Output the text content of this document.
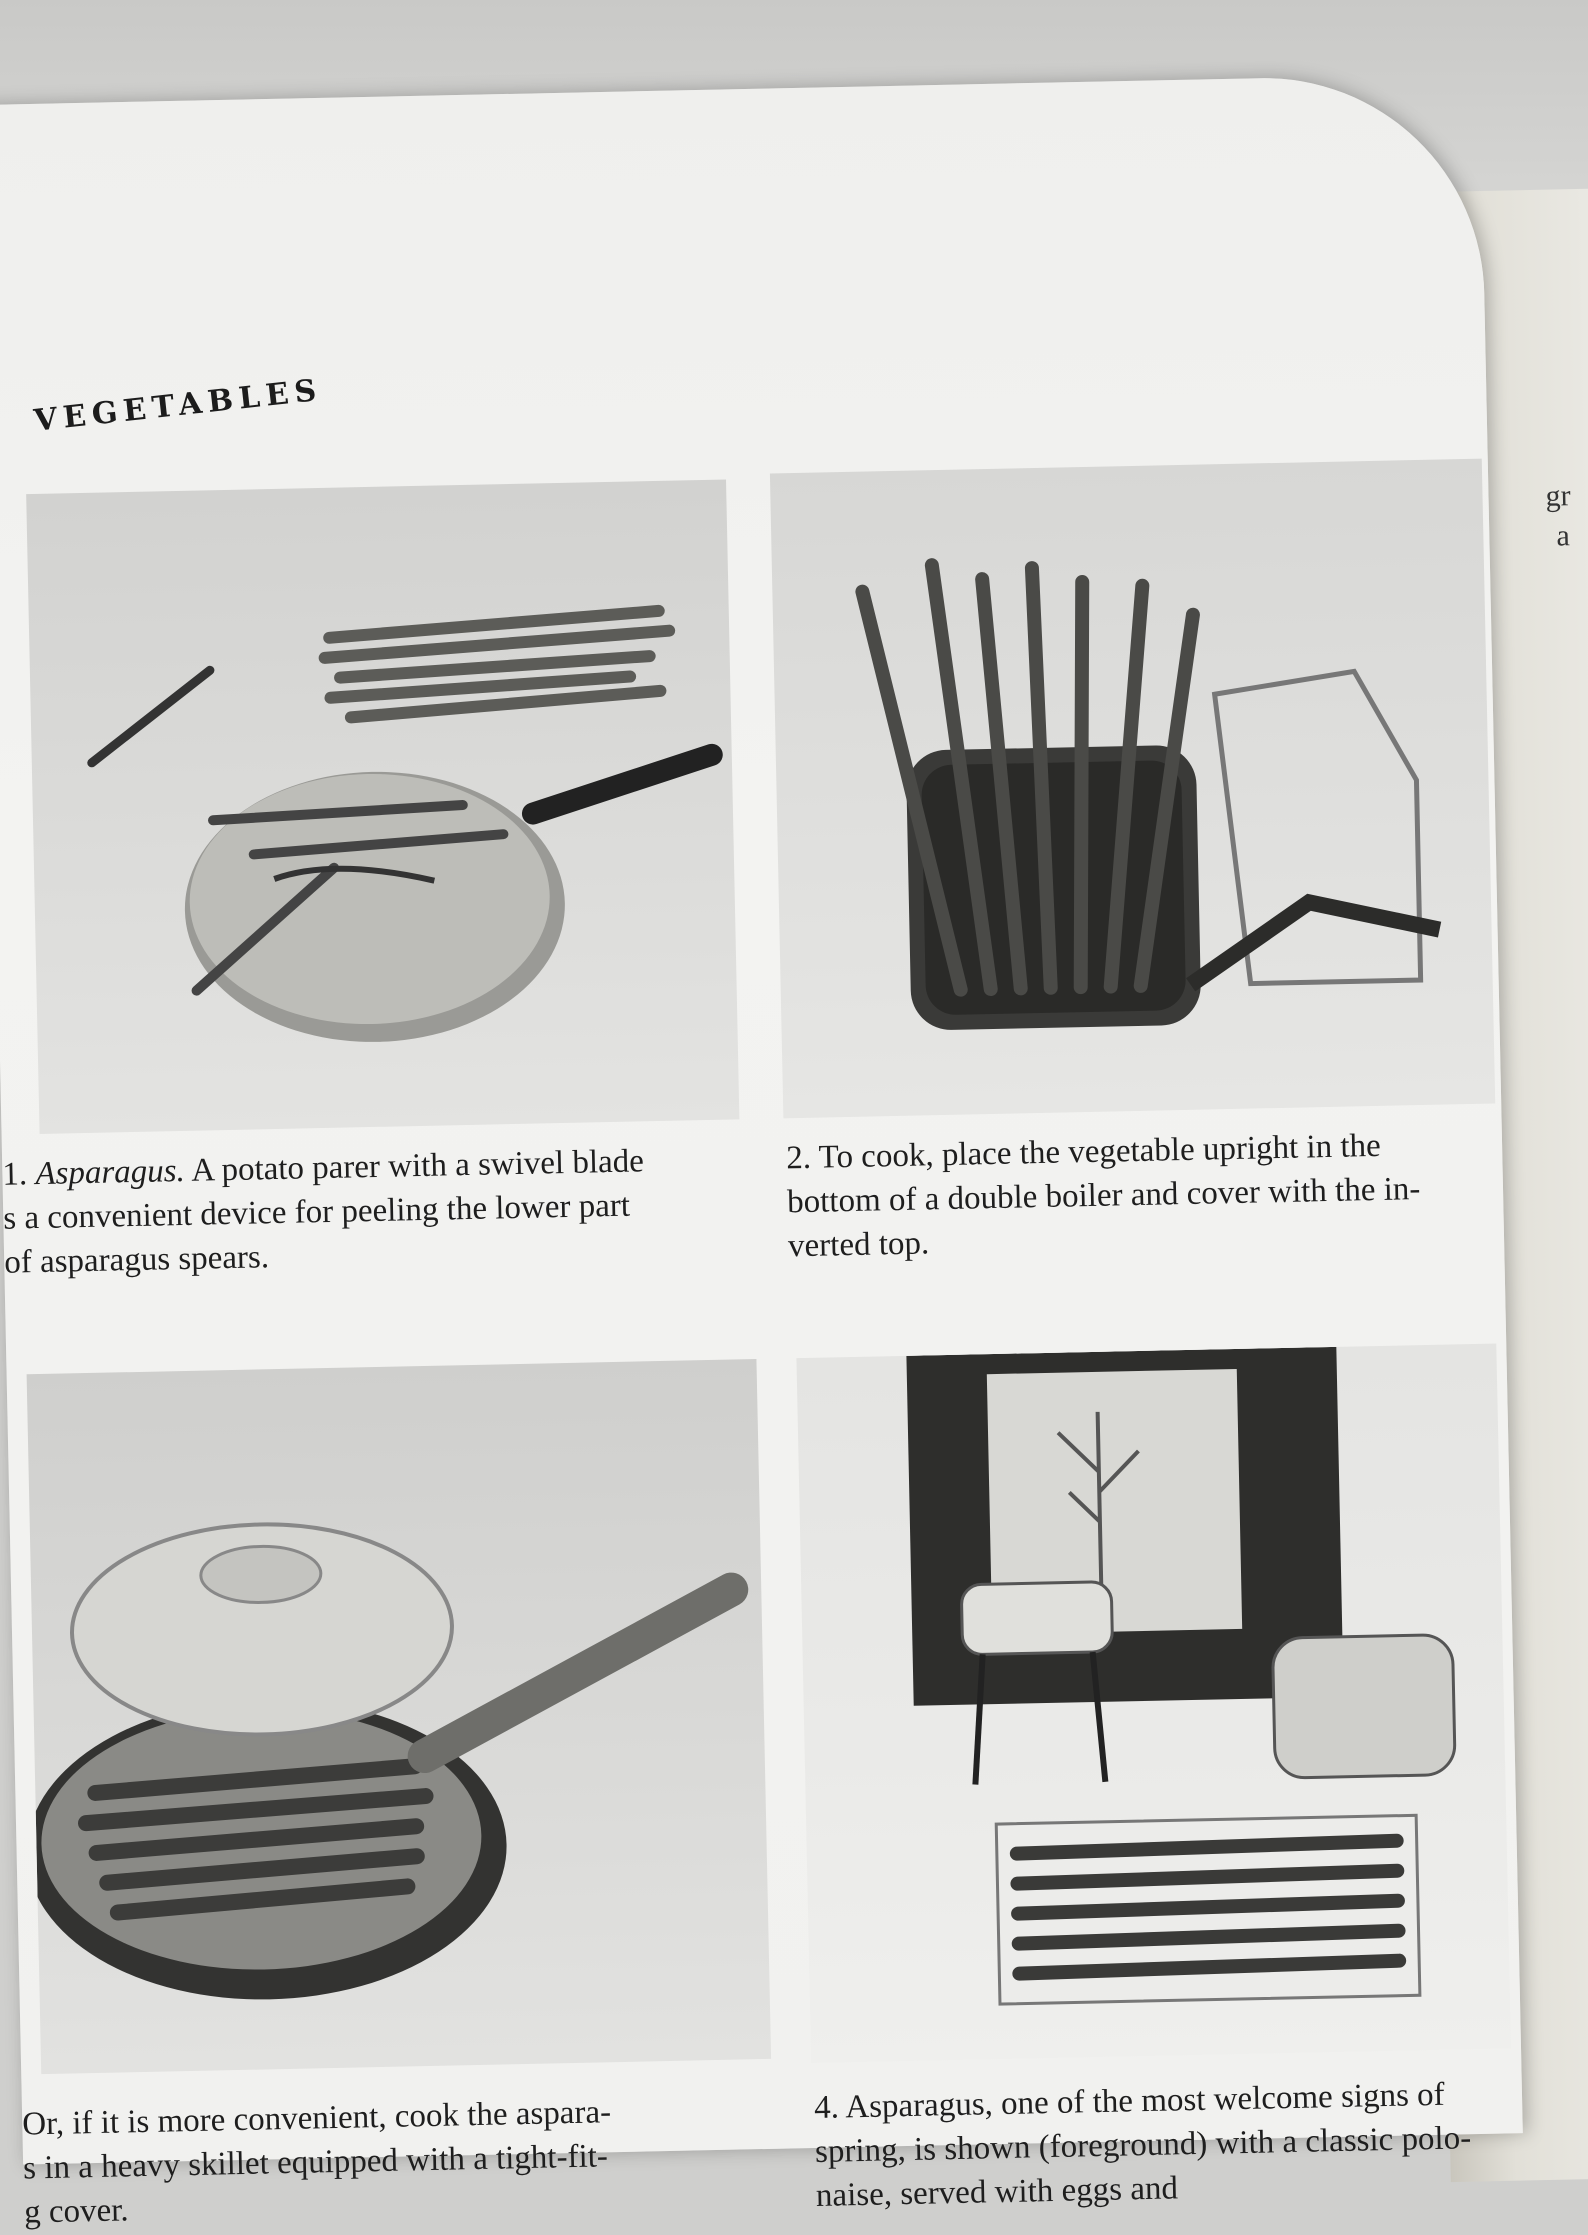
gr
a
VEGETABLES
1. Asparagus. A potato parer with a swivel blade
s a convenient device for peeling the lower part
of asparagus spears.
2. To cook, place the vegetable upright in the
bottom of a double boiler and cover with the in-
verted top.
Or, if it is more convenient, cook the aspara-
s in a heavy skillet equipped with a tight-fit-
g cover.
4. Asparagus, one of the most welcome signs of
spring, is shown (foreground) with a classic polo-
naise, served with eggs and
